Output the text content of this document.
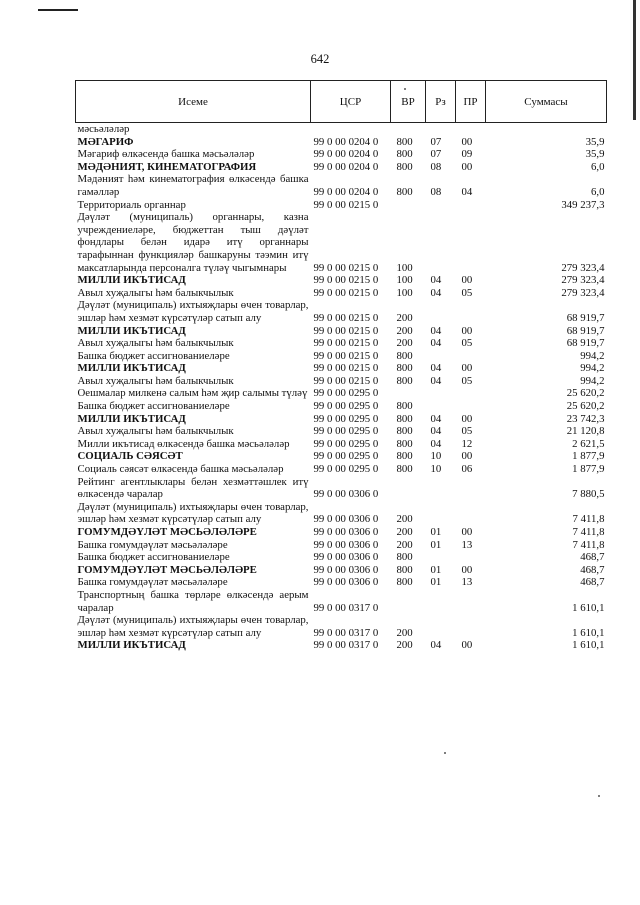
642
Исеме	ЦСР	ВР	Рз	ПР	Суммасы
мәсьәләләр					
МӘГАРИФ	99 0 00 0204 0	800	07	00	35,9
Мәгариф өлкәсендә башка мәсьәләләр	99 0 00 0204 0	800	07	09	35,9
МӘДӘНИЯТ, КИНЕМАТОГРАФИЯ	99 0 00 0204 0	800	08	00	6,0
Мәдәният һәм кинематография өлкәсендә башка гамәлләр	99 0 00 0204 0	800	08	04	6,0
Территориаль органнар	99 0 00 0215 0				349 237,3
Дәүләт (муниципаль) органнары, казна учреждениеләре, бюджеттан тыш дәүләт фондлары белән идарә итү органнары тарафыннан функцияләр башкаруны тәэмин итү максатларында персоналга түләү чыгымнары	99 0 00 0215 0	100			279 323,4
МИЛЛИ ИКЪТИСАД	99 0 00 0215 0	100	04	00	279 323,4
Авыл хуҗалыгы һәм балыкчылык	99 0 00 0215 0	100	04	05	279 323,4
Дәүләт (муниципаль) ихтыяҗлары өчен товарлар, эшләр һәм хезмәт күрсәтүләр сатып алу	99 0 00 0215 0	200			68 919,7
МИЛЛИ ИКЪТИСАД	99 0 00 0215 0	200	04	00	68 919,7
Авыл хуҗалыгы һәм балыкчылык	99 0 00 0215 0	200	04	05	68 919,7
Башка бюджет ассигнованиеләре	99 0 00 0215 0	800			994,2
МИЛЛИ ИКЪТИСАД	99 0 00 0215 0	800	04	00	994,2
Авыл хуҗалыгы һәм балыкчылык	99 0 00 0215 0	800	04	05	994,2
Оешмалар милкенә салым һәм җир салымы түләү	99 0 00 0295 0				25 620,2
Башка бюджет ассигнованиеләре	99 0 00 0295 0	800			25 620,2
МИЛЛИ ИКЪТИСАД	99 0 00 0295 0	800	04	00	23 742,3
Авыл хуҗалыгы һәм балыкчылык	99 0 00 0295 0	800	04	05	21 120,8
Милли икътисад өлкәсендә башка мәсьәләләр	99 0 00 0295 0	800	04	12	2 621,5
СОЦИАЛЬ СӘЯСӘТ	99 0 00 0295 0	800	10	00	1 877,9
Социаль сәясәт өлкәсендә башка мәсьәләләр	99 0 00 0295 0	800	10	06	1 877,9
Рейтинг агентлыклары белән хезмәттәшлек итү өлкәсендә чаралар	99 0 00 0306 0				7 880,5
Дәүләт (муниципаль) ихтыяҗлары өчен товарлар, эшләр һәм хезмәт күрсәтүләр сатып алу	99 0 00 0306 0	200			7 411,8
ГОМУМДӘҮЛӘТ МӘСЬӘЛӘЛӘРЕ	99 0 00 0306 0	200	01	00	7 411,8
Башка гомумдәүләт мәсьәләләре	99 0 00 0306 0	200	01	13	7 411,8
Башка бюджет ассигнованиеләре	99 0 00 0306 0	800			468,7
ГОМУМДӘҮЛӘТ МӘСЬӘЛӘЛӘРЕ	99 0 00 0306 0	800	01	00	468,7
Башка гомумдәүләт мәсьәләләре	99 0 00 0306 0	800	01	13	468,7
Транспортның башка төрләре өлкәсендә аерым чаралар	99 0 00 0317 0				1 610,1
Дәүләт (муниципаль) ихтыяҗлары өчен товарлар, эшләр һәм хезмәт күрсәтүләр сатып алу	99 0 00 0317 0	200			1 610,1
МИЛЛИ ИКЪТИСАД	99 0 00 0317 0	200	04	00	1 610,1
